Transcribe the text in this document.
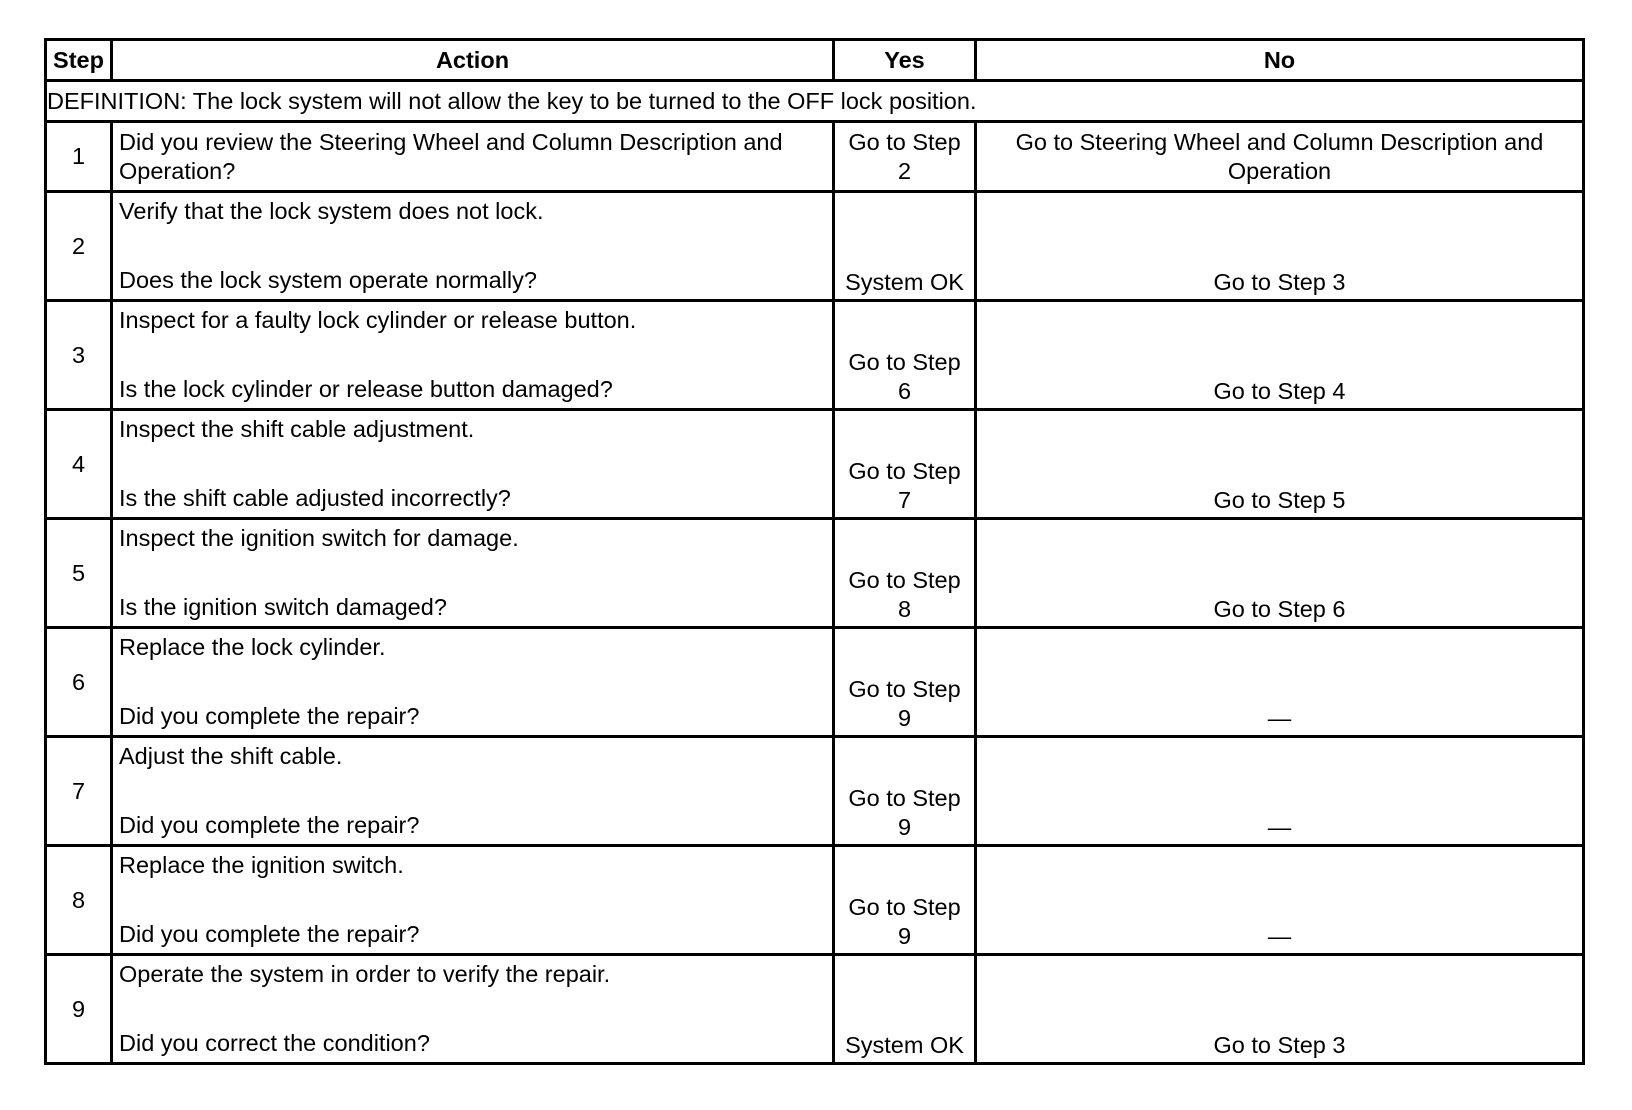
Step	Action	Yes	No
DEFINITION: The lock system will not allow the key to be turned to the OFF lock position.			
1	Did you review the Steering Wheel and Column Description and Operation?	Go to Step 2	Go to Steering Wheel and Column Description and Operation
2	Verify that the lock system does not lock.
Does the lock system operate normally?	System OK	Go to Step 3
3	Inspect for a faulty lock cylinder or release button.
Is the lock cylinder or release button damaged?	Go to Step 6	Go to Step 4
4	Inspect the shift cable adjustment.
Is the shift cable adjusted incorrectly?	Go to Step 7	Go to Step 5
5	Inspect the ignition switch for damage.
Is the ignition switch damaged?	Go to Step 8	Go to Step 6
6	Replace the lock cylinder.
Did you complete the repair?	Go to Step 9	—
7	Adjust the shift cable.
Did you complete the repair?	Go to Step 9	—
8	Replace the ignition switch.
Did you complete the repair?	Go to Step 9	—
9	Operate the system in order to verify the repair.
Did you correct the condition?	System OK	Go to Step 3
